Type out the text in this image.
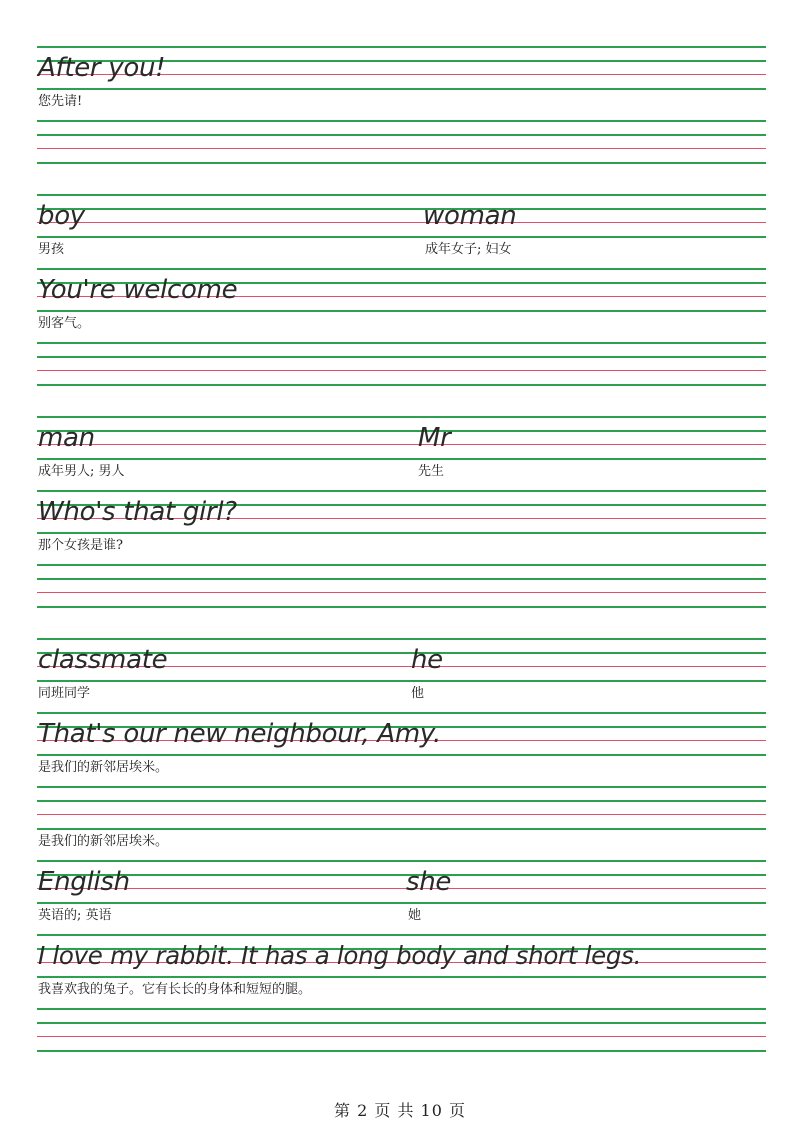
After you!

您先请!

boy

男孩

woman

成年女子; 妇女

You're welcome

别客气。

man

成年男人; 男人

Mr

先生

Who's that girl?

那个女孩是谁?

classmate

同班同学

he

他

That's our new neighbour, Amy.

是我们的新邻居埃米。

是我们的新邻居埃米。

English

英语的; 英语

she

她

I love my rabbit. It has a long body and short legs.

我喜欢我的兔子。它有长长的身体和短短的腿。

第 2 页 共 10 页
